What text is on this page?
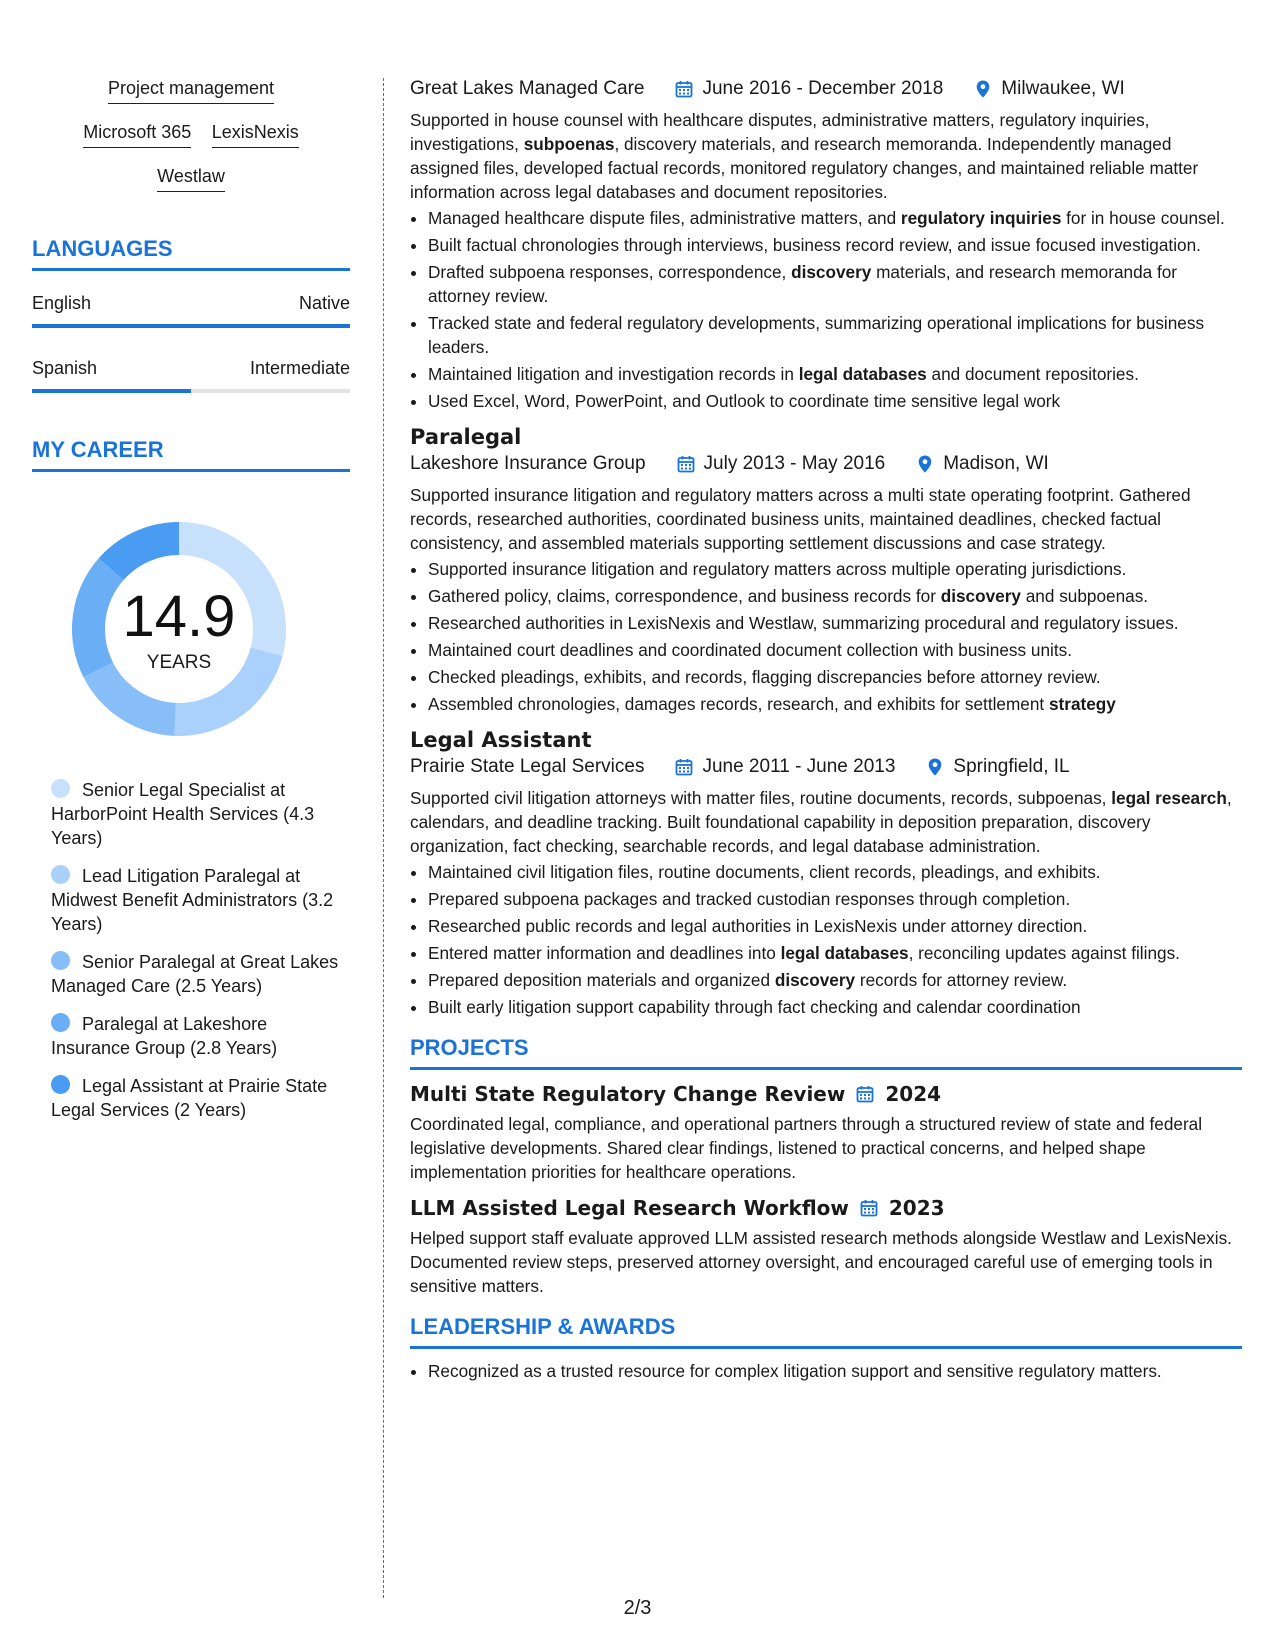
Project management
Microsoft 365 LexisNexis
Westlaw
LANGUAGES
English	Native
Spanish	Intermediate
MY CAREER
14.9
YEARS
Senior Legal Specialist at HarborPoint Health Services (4.3 Years)
Lead Litigation Paralegal at Midwest Benefit Administrators (3.2 Years)
Senior Paralegal at Great Lakes Managed Care (2.5 Years)
Paralegal at Lakeshore Insurance Group (2.8 Years)
Legal Assistant at Prairie State Legal Services (2 Years)
Great Lakes Managed Care	June 2016 - December 2018	Milwaukee, WI

Supported in house counsel with healthcare disputes, administrative matters, regulatory inquiries, investigations, subpoenas, discovery materials, and research memoranda. Independently managed assigned files, developed factual records, monitored regulatory changes, and maintained reliable matter information across legal databases and document repositories.

• Managed healthcare dispute files, administrative matters, and regulatory inquiries for in house counsel.
• Built factual chronologies through interviews, business record review, and issue focused investigation.
• Drafted subpoena responses, correspondence, discovery materials, and research memoranda for attorney review.
• Tracked state and federal regulatory developments, summarizing operational implications for business leaders.
• Maintained litigation and investigation records in legal databases and document repositories.
• Used Excel, Word, PowerPoint, and Outlook to coordinate time sensitive legal work
Paralegal
Lakeshore Insurance Group	July 2013 - May 2016	Madison, WI

Supported insurance litigation and regulatory matters across a multi state operating footprint. Gathered records, researched authorities, coordinated business units, maintained deadlines, checked factual consistency, and assembled materials supporting settlement discussions and case strategy.

• Supported insurance litigation and regulatory matters across multiple operating jurisdictions.
• Gathered policy, claims, correspondence, and business records for discovery and subpoenas.
• Researched authorities in LexisNexis and Westlaw, summarizing procedural and regulatory issues.
• Maintained court deadlines and coordinated document collection with business units.
• Checked pleadings, exhibits, and records, flagging discrepancies before attorney review.
• Assembled chronologies, damages records, research, and exhibits for settlement strategy
Legal Assistant
Prairie State Legal Services	June 2011 - June 2013	Springfield, IL

Supported civil litigation attorneys with matter files, routine documents, records, subpoenas, legal research, calendars, and deadline tracking. Built foundational capability in deposition preparation, discovery organization, fact checking, searchable records, and legal database administration.

• Maintained civil litigation files, routine documents, client records, pleadings, and exhibits.
• Prepared subpoena packages and tracked custodian responses through completion.
• Researched public records and legal authorities in LexisNexis under attorney direction.
• Entered matter information and deadlines into legal databases, reconciling updates against filings.
• Prepared deposition materials and organized discovery records for attorney review.
• Built early litigation support capability through fact checking and calendar coordination
PROJECTS
Multi State Regulatory Change Review 2024

Coordinated legal, compliance, and operational partners through a structured review of state and federal legislative developments. Shared clear findings, listened to practical concerns, and helped shape implementation priorities for healthcare operations.

LLM Assisted Legal Research Workflow 2023

Helped support staff evaluate approved LLM assisted research methods alongside Westlaw and LexisNexis. Documented review steps, preserved attorney oversight, and encouraged careful use of emerging tools in sensitive matters.

LEADERSHIP & AWARDS
• Recognized as a trusted resource for complex litigation support and sensitive regulatory matters.
2/3
